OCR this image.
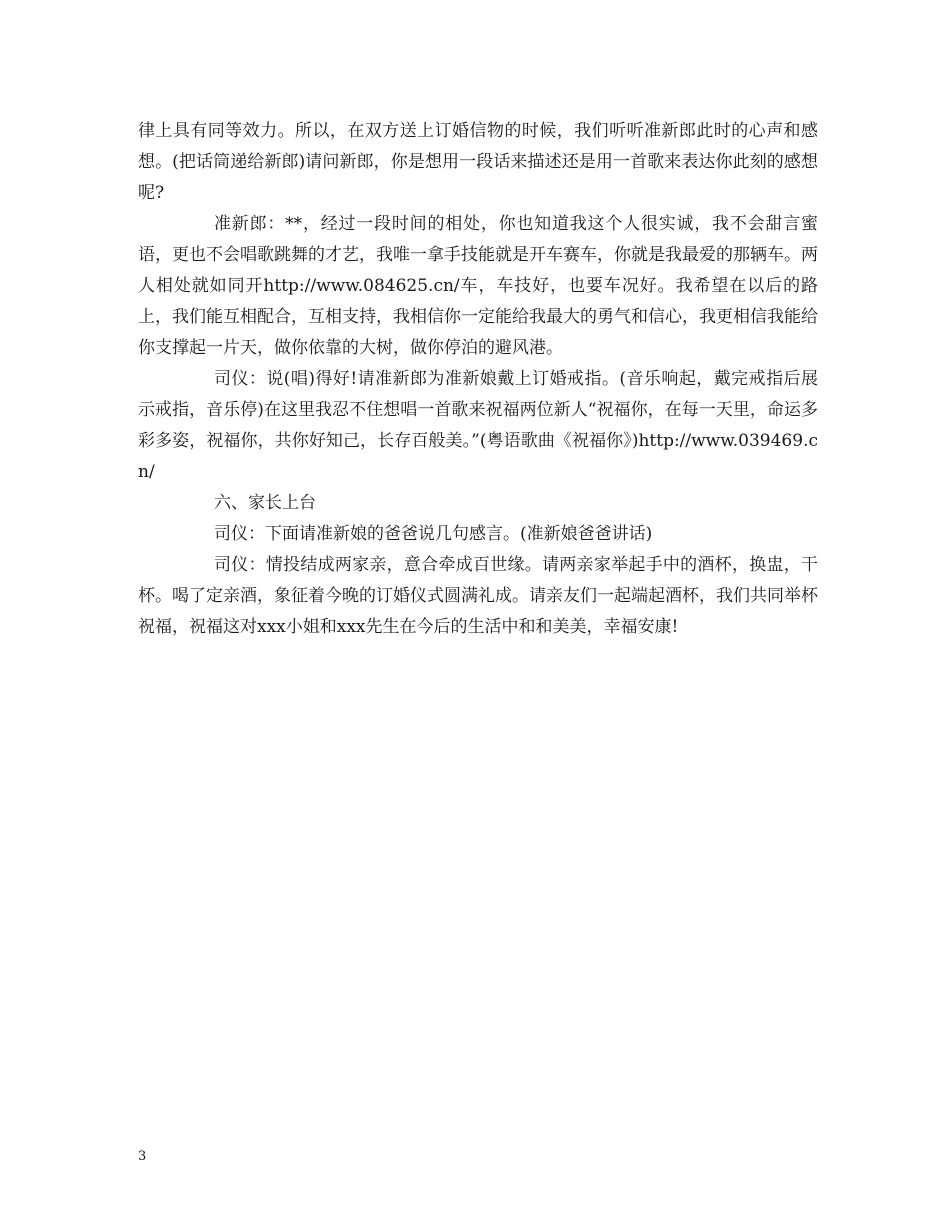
律上具有同等效力。所以，在双方送上订婚信物的时候，我们听听准新郎此时的心声和感想。(把话筒递给新郎)请问新郎，你是想用一段话来描述还是用一首歌来表达你此刻的感想呢?

准新郎：**，经过一段时间的相处，你也知道我这个人很实诚，我不会甜言蜜语，更也不会唱歌跳舞的才艺，我唯一拿手技能就是开车赛车，你就是我最爱的那辆车。两人相处就如同开http://www.084625.cn/车，车技好，也要车况好。我希望在以后的路上，我们能互相配合，互相支持，我相信你一定能给我最大的勇气和信心，我更相信我能给你支撑起一片天，做你依靠的大树，做你停泊的避风港。

司仪：说(唱)得好!请准新郎为准新娘戴上订婚戒指。(音乐响起，戴完戒指后展示戒指，音乐停)在这里我忍不住想唱一首歌来祝福两位新人“祝福你，在每一天里，命运多彩多姿，祝福你，共你好知己，长存百般美。”(粤语歌曲《祝福你》)http://www.039469.cn/

六、家长上台

司仪：下面请准新娘的爸爸说几句感言。(准新娘爸爸讲话)

司仪：情投结成两家亲，意合牵成百世缘。请两亲家举起手中的酒杯，换盅，干杯。喝了定亲酒，象征着今晚的订婚仪式圆满礼成。请亲友们一起端起酒杯，我们共同举杯祝福，祝福这对xxx小姐和xxx先生在今后的生活中和和美美，幸福安康!

3
